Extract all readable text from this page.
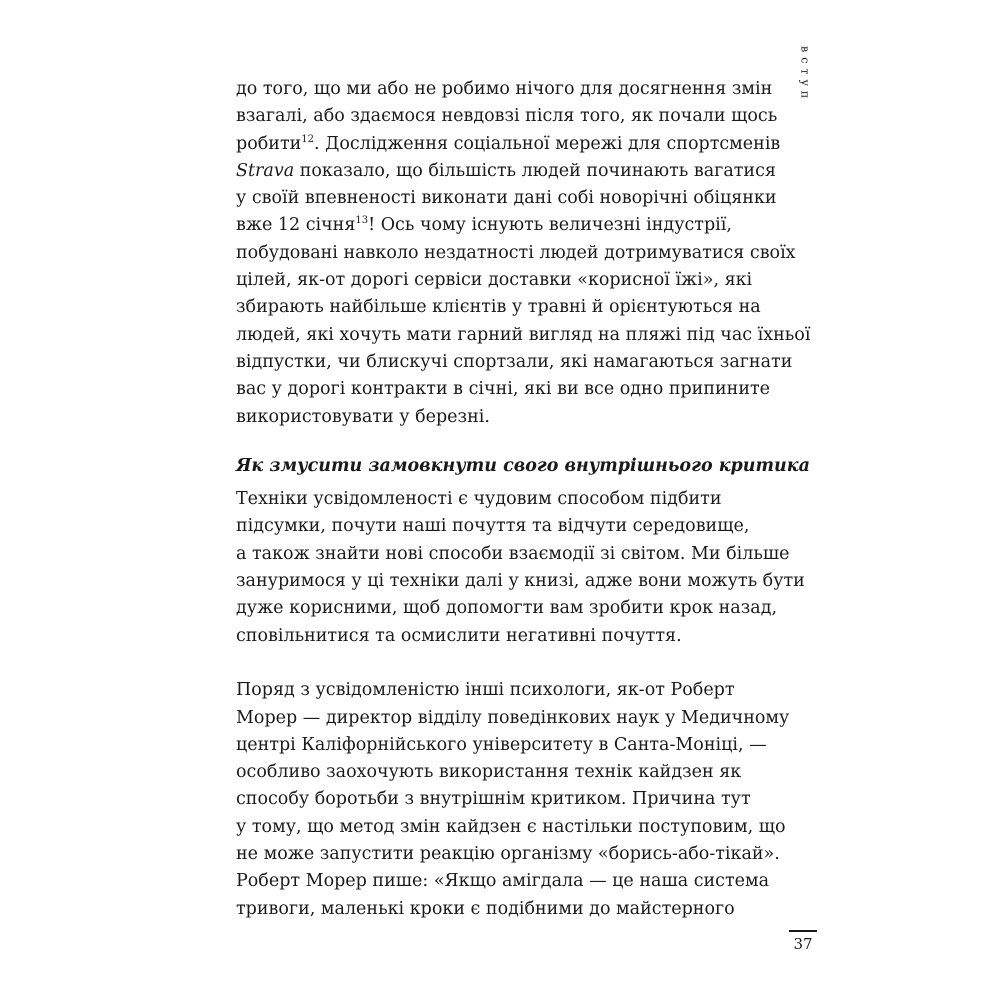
вступ
до того, що ми або не робимо нічого для досягнення змін
взагалі, або здаємося невдовзі після того, як почали щось
робити$^{12}$. Дослідження соціальної мережі для спортсменів
Strava показало, що більшість людей починають вагатися
у своїй впевненості виконати дані собі новорічні обіцянки
вже 12 січня$^{13}$! Ось чому існують величезні індустрії,
побудовані навколо нездатності людей дотримуватися своїх
цілей, як-от дорогі сервіси доставки «корисної їжі», які
збирають найбільше клієнтів у травні й орієнтуються на
людей, які хочуть мати гарний вигляд на пляжі під час їхньої
відпустки, чи блискучі спортзали, які намагаються загнати
вас у дорогі контракти в січні, які ви все одно припините
використовувати у березні.
Як змусити замовкнути свого внутрішнього критика
Техніки усвідомленості є чудовим способом підбити
підсумки, почути наші почуття та відчути середовище,
а також знайти нові способи взаємодії зі світом. Ми більше
зануримося у ці техніки далі у книзі, адже вони можуть бути
дуже корисними, щоб допомогти вам зробити крок назад,
сповільнитися та осмислити негативні почуття.
Поряд з усвідомленістю інші психологи, як-от Роберт
Морер — директор відділу поведінкових наук у Медичному
центрі Каліфорнійського університету в Санта-Моніці, —
особливо заохочують використання технік кайдзен як
способу боротьби з внутрішнім критиком. Причина тут
у тому, що метод змін кайдзен є настільки поступовим, що
не може запустити реакцію організму «борись-або-тікай».
Роберт Морер пише: «Якщо амігдала — це наша система
тривоги, маленькі кроки є подібними до майстерного
37
